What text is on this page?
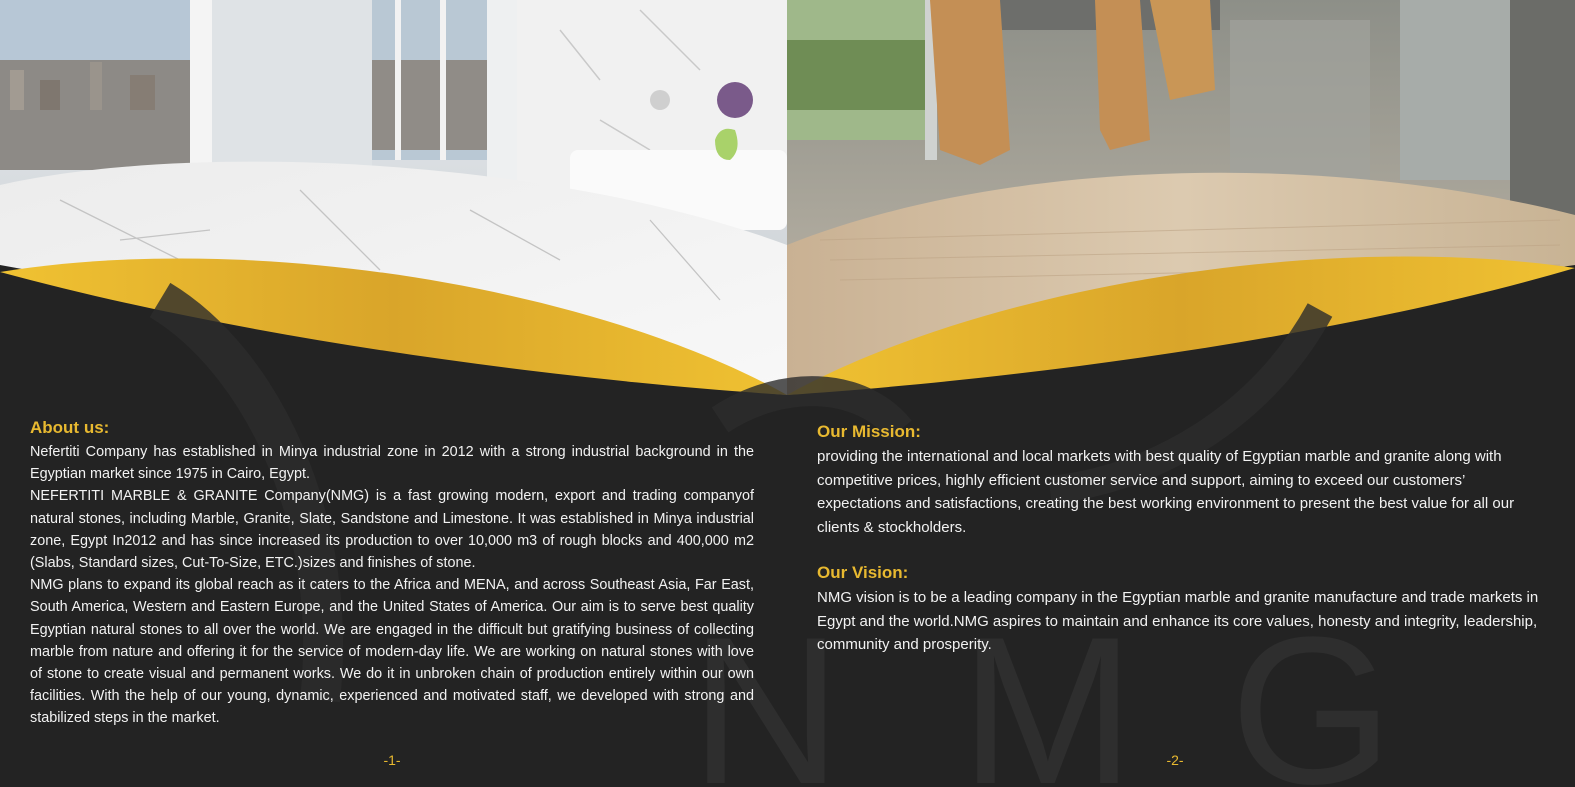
N M G
About us:

Nefertiti Company has established in Minya industrial zone in 2012 with a strong industrial background in the Egyptian market since 1975 in Cairo, Egypt.

NEFERTITI MARBLE & GRANITE Company(NMG) is a fast growing modern, export and trading companyof natural stones, including Marble, Granite, Slate, Sandstone and Limestone. It was established in Minya industrial zone, Egypt In2012 and has since increased its production to over 10,000 m3 of rough blocks and 400,000 m2 (Slabs, Standard sizes, Cut-To-Size, ETC.)sizes and finishes of stone.

NMG plans to expand its global reach as it caters to the Africa and MENA, and across Southeast Asia, Far East, South America, Western and Eastern Europe, and the United States of America. Our aim is to serve best quality Egyptian natural stones to all over the world. We are engaged in the difficult but gratifying business of collecting marble from nature and offering it for the service of modern-day life. We are working on natural stones with love of stone to create visual and permanent works. We do it in unbroken chain of production entirely within our own facilities. With the help of our young, dynamic, experienced and motivated staff, we developed with strong and stabilized steps in the market.

-1-
Our Mission:

providing the international and local markets with best quality of Egyptian marble and granite along with competitive prices, highly efficient customer service and support, aiming to exceed our customers’ expectations and satisfactions, creating the best working environment to present the best value for all our clients & stockholders.

Our Vision:

NMG vision is to be a leading company in the Egyptian marble and granite manufacture and trade markets in Egypt and the world.NMG aspires to maintain and enhance its core values, honesty and integrity, leadership, community and prosperity.

-2-
